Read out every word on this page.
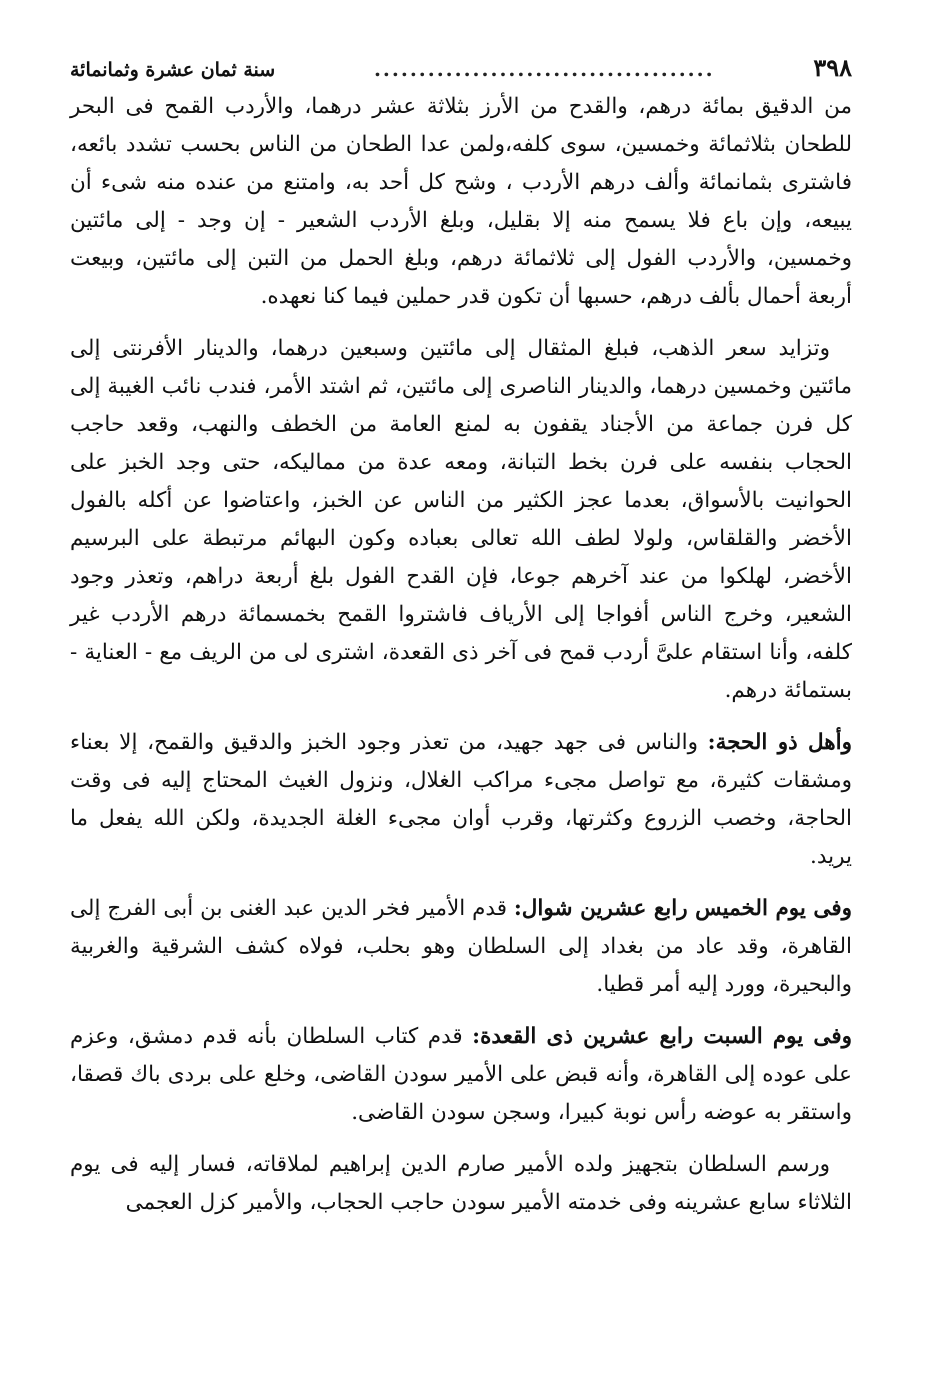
٣٩٨
......................................
سنة ثمان عشرة وثمانمائة

من الدقيق بمائة درهم، والقدح من الأرز بثلاثة عشر درهما، والأردب القمح فى البحر للطحان بثلاثمائة وخمسين، سوى كلفه،ولمن عدا الطحان من الناس بحسب تشدد بائعه، فاشترى بثمانمائة وألف درهم الأردب ، وشح كل أحد به، وامتنع من عنده منه شىء أن يبيعه، وإن باع فلا يسمح منه إلا بقليل، وبلغ الأردب الشعير - إن وجد - إلى مائتين وخمسين، والأردب الفول إلى ثلاثمائة درهم، وبلغ الحمل من التبن إلى مائتين، وبيعت أربعة أحمال بألف درهم، حسبها أن تكون قدر حملين فيما كنا نعهده.

وتزايد سعر الذهب، فبلغ المثقال إلى مائتين وسبعين درهما، والدينار الأفرنتى إلى مائتين وخمسين درهما، والدينار الناصرى إلى مائتين، ثم اشتد الأمر، فندب نائب الغيبة إلى كل فرن جماعة من الأجناد يقفون به لمنع العامة من الخطف والنهب، وقعد حاجب الحجاب بنفسه على فرن بخط التبانة، ومعه عدة من مماليكه، حتى وجد الخبز على الحوانيت بالأسواق، بعدما عجز الكثير من الناس عن الخبز، واعتاضوا عن أكله بالفول الأخضر والقلقاس، ولولا لطف الله تعالى بعباده وكون البهائم مرتبطة على البرسيم الأخضر، لهلكوا من عند آخرهم جوعا، فإن القدح الفول بلغ أربعة دراهم، وتعذر وجود الشعير، وخرج الناس أفواجا إلى الأرياف فاشتروا القمح بخمسمائة درهم الأردب غير كلفه، وأنا استقام علىَّ أردب قمح فى آخر ذى القعدة، اشترى لى من الريف مع - العناية - بستمائة درهم.

وأهل ذو الحجة: والناس فى جهد جهيد، من تعذر وجود الخبز والدقيق والقمح، إلا بعناء ومشقات كثيرة، مع تواصل مجىء مراكب الغلال، ونزول الغيث المحتاج إليه فى وقت الحاجة، وخصب الزروع وكثرتها، وقرب أوان مجىء الغلة الجديدة، ولكن الله يفعل ما يريد.

وفى يوم الخميس رابع عشرين شوال: قدم الأمير فخر الدين عبد الغنى بن أبى الفرج إلى القاهرة، وقد عاد من بغداد إلى السلطان وهو بحلب، فولاه كشف الشرقية والغربية والبحيرة، وورد إليه أمر قطيا.

وفى يوم السبت رابع عشرين ذى القعدة: قدم كتاب السلطان بأنه قدم دمشق، وعزم على عوده إلى القاهرة، وأنه قبض على الأمير سودن القاضى، وخلع على بردى باك قصقا، واستقر به عوضه رأس نوبة كبيرا، وسجن سودن القاضى.

ورسم السلطان بتجهيز ولده الأمير صارم الدين إبراهيم لملاقاته، فسار إليه فى يوم الثلاثاء سابع عشرينه وفى خدمته الأمير سودن حاجب الحجاب، والأمير كزل العجمى
